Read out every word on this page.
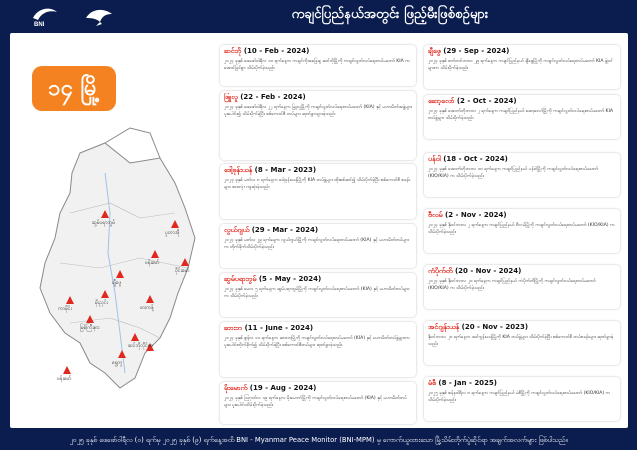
BNI
ကချင်ပြည်နယ်အတွင်း ဖြည့်မီးဖြစ်စဉ်များ
၁၄ မြို့
ဆွမ်ပရာဘွမ်
ပူတာအို
ဗန်းမော်
ဝိုင်းမော်
ချီဖွေ
မိုးညှင်း
ကာမိုင်း	ဖားကန့်
မြစ်ကြီးနား
ဆင်ဘိုလိုင်ဇာ
ရွှေကူ
ဗန်းမော်
ဆင်ဘို (10 - Feb - 2024)
၂၀၂၄ ခုနှစ် ဖေဖော်ဝါရီလ ၁၀ ရက်နေ့က ကချင်ကိုအခြေချ ဆင်ဘိုမြို့ကို ကချင်လွတ်လပ်ရေးတပ်မတော် KIA ကအောင်မြင်စွာ သိမ်းပိုက်ခဲ့သည်။
ဖြူလူ (22 - Feb - 2024)
၂၀၂၄ ခုနှစ် ဖေဖော်ဝါရီလ ၂၂ ရက်နေ့က မြူလူမြို့ကို ကချင်လွတ်လပ်ရေးတပ်မတော် (KIA) နှင့် မဟာမိတ်အဖွဲ့များ ပူးပေါင်း၍ သိမ်းပိုက်ခဲ့ပြီး စစ်ကောင်စီ တပ်များ ဆုတ်ခွာသွားခဲ့သည်။
ဒေါ့ဖုန်းယန် (8 - Mar - 2023)
၂၀၂၃ ခုနှစ် မတ်လ ၈ ရက်နေ့က ဒေါ့ဖုန်းယန်မြို့ကို KIA တပ်ဖွဲ့များ ထိုးစစ်ဆင်၍ သိမ်းပိုက်ခဲ့ပြီး စစ်ကောင်စီ စခန်းများ အားလုံး ကျဆုံးခဲ့သည်။
လွယ်ဂျယ် (29 - Mar - 2024)
၂၀၂၄ ခုနှစ် မတ်လ ၂၉ ရက်နေ့က လွယ်ဂျယ်မြို့ကို ကချင်လွတ်လပ်ရေးတပ်မတော် (KIA) နှင့် မဟာမိတ်တပ်များက တိုက်ခိုက်သိမ်းပိုက်ခဲ့သည်။
ဆွမ်ပရာဘွမ် (5 - May - 2024)
၂၀၂၄ ခုနှစ် မေလ ၅ ရက်နေ့က ဆွမ်ပရာဘွမ်မြို့ကို ကချင်လွတ်လပ်ရေးတပ်မတော် (KIA) နှင့် မဟာမိတ်တပ်များက သိမ်းပိုက်ခဲ့သည်။
ဆားဘ (11 - June - 2024)
၂၀၂၄ ခုနှစ် ဇွန်လ ၁၁ ရက်နေ့က ဆားဘမြို့ကို ကချင်လွတ်လပ်ရေးတပ်မတော် (KIA) နှင့် မဟာမိတ်တပ်ဖွဲ့များက ပူးပေါင်းတိုက်ခိုက်၍ သိမ်းပိုက်ခဲ့ပြီး စစ်ကောင်စီတပ်များ ဆုတ်ခွာခဲ့သည်။
မိုးမောက် (19 - Aug - 2024)
၂၀၂၄ ခုနှစ် ဩဂုတ်လ ၁၉ ရက်နေ့က မိုးမောက်မြို့ကို ကချင်လွတ်လပ်ရေးတပ်မတော် (KIA) နှင့် မဟာမိတ်တပ်များ ပူးပေါင်းသိမ်းပိုက်ခဲ့သည်။
ချီဖွေ (29 - Sep - 2024)
၂၀၂၄ ခုနှစ် စက်တင်ဘာလ ၂၉ ရက်နေ့က ကချင်ပြည်နယ် ချီဖွေမြို့ကို ကချင်လွတ်လပ်ရေးတပ်မတော် KIA ဖွဲ့ဝင်များက သိမ်းပိုက်ခဲ့သည်။
ဆော့လော် (2 - Oct - 2024)
၂၀၂၄ ခုနှစ် အောက်တိုဘာလ ၂ ရက်နေ့က ကချင်ပြည်နယ် ဆော့လော်မြို့ကို ကချင်လွတ်လပ်ရေးတပ်မတော် KIA တပ်ဖွဲ့များ သိမ်းပိုက်ခဲ့သည်။
ပန်ဝါ (18 - Oct - 2024)
၂၀၂၄ ခုနှစ် အောက်တိုဘာလ ၁၈ ရက်နေ့က ကချင်ပြည်နယ် ပန်ဝါမြို့ကို ကချင်လွတ်လပ်ရေးတပ်မတော် (KIO/KIA) က သိမ်းပိုက်ခဲ့သည်။
ဗီလမ် (2 - Nov - 2024)
၂၀၂၄ ခုနှစ် နိုဝင်ဘာလ ၂ ရက်နေ့က ကချင်ပြည်နယ် ဗီလမ်မြို့ကို ကချင်လွတ်လပ်ရေးတပ်မတော် (KIO/KIA) က သိမ်းပိုက်ခဲ့သည်။
ကံပိုက်တိ (20 - Nov - 2024)
၂၀၂၄ ခုနှစ် နိုဝင်ဘာလ ၂၀ ရက်နေ့က ကချင်ပြည်နယ် ကံပိုက်တိမြို့ကို ကချင်လွတ်လပ်ရေးတပ်မတော် (KIO/KIA) က သိမ်းပိုက်ခဲ့သည်။
အင်ဂျန်းယန် (20 - Nov - 2023)
နိုဝင်ဘာလ ၂၀ ရက်နေ့က အင်ဂျန်းယန်မြို့ကို KIA တပ်ဖွဲ့များ သိမ်းပိုက်ခဲ့ပြီး စစ်ကောင်စီ တပ်စခန်းများ ဆုတ်ခွာခဲ့သည်။
မံစီ (8 - Jan - 2025)
၂၀၂၅ ခုနှစ် ဇန်နဝါရီလ ၈ ရက်နေ့က ကချင်ပြည်နယ် မံစီမြို့ကို ကချင်လွတ်လပ်ရေးတပ်မတော် (KIO/KIA) က သိမ်းပိုက်ခဲ့သည်။
၂၀၂၅ ခုနှစ် ဖေဖော်ဝါရီလ (၀) ရက်မှ ၂၀၂၅ ခုနှစ် (၉) ရက်နေ့အထိ BNI - Myanmar Peace Monitor (BNI-MPM) မှ ကောက်ယူထားသော မြို့သိမ်းတိုက်ပွဲဆိုင်ရာ အချက်အလက်များ ဖြစ်ပါသည်။
